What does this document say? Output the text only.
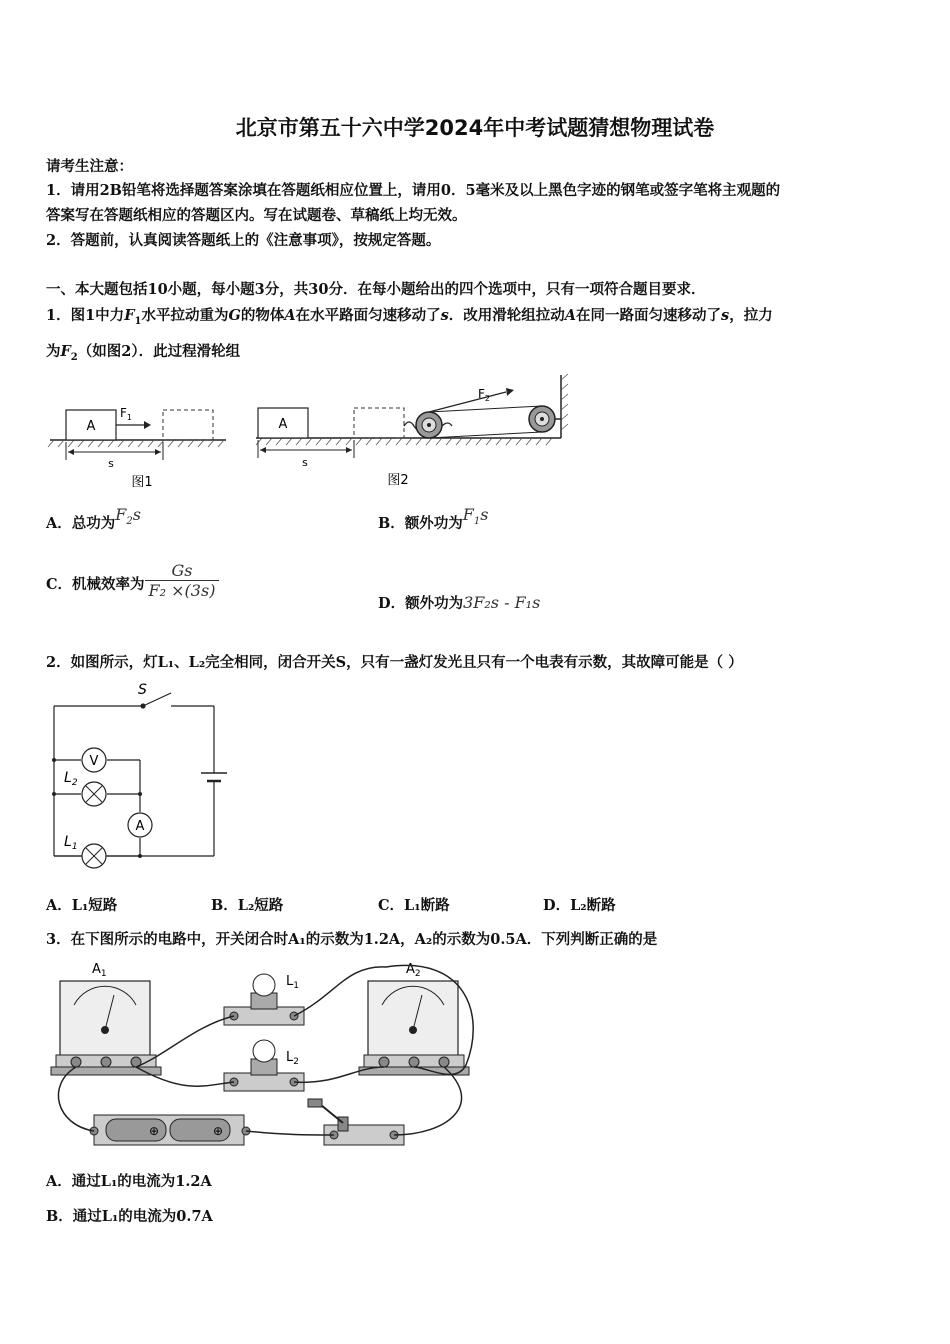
北京市第五十六中学2024年中考试题猜想物理试卷
请考生注意：
1．请用2B铅笔将选择题答案涂填在答题纸相应位置上，请用0．5毫米及以上黑色字迹的钢笔或签字笔将主观题的
答案写在答题纸相应的答题区内。写在试题卷、草稿纸上均无效。
2．答题前，认真阅读答题纸上的《注意事项》，按规定答题。
一、本大题包括10小题，每小题3分，共30分．在每小题给出的四个选项中，只有一项符合题目要求．
1．图1中力$F_1$水平拉动重为G的物体A在水平路面匀速移动了s．改用滑轮组拉动A在同一路面匀速移动了s，拉力
为$F_2$（如图2）．此过程滑轮组
A
$F_1$
s
图1
A
$F_2$
s
图2
A．总功为$F_2s$	B．额外功为$F_1s$
C．机械效率为 $\frac{Gs}{\text{F₂ ×(3s)}}$
D．额外功为3F₂s - F₁s
2．如图所示，灯L₁、L₂完全相同，闭合开关S，只有一盏灯发光且只有一个电表有示数，其故障可能是（ ）
S
V
$L_2$
A
$L_1$
A．L₁短路	B．L₂短路	C．L₁断路	D．L₂断路
3．在下图所示的电路中，开关闭合时A₁的示数为1.2A，A₂的示数为0.5A．下列判断正确的是
$A_1$	$A_2$
$L_1$
$L_2$
⊕	⊕
A．通过L₁的电流为1.2A
B．通过L₁的电流为0.7A
